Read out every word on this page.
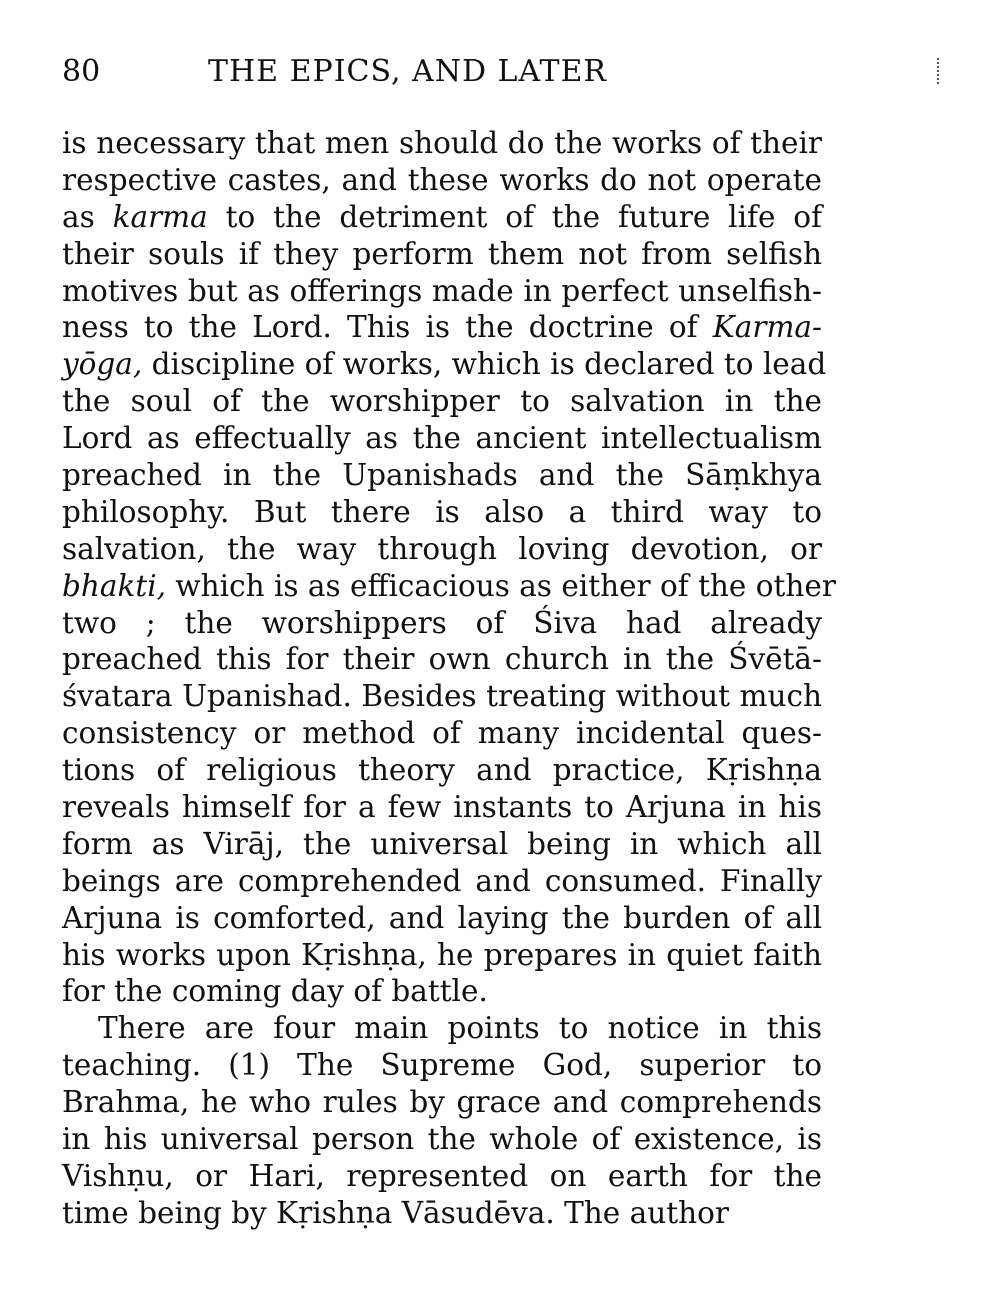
80	THE EPICS, AND LATER
is necessary that men should do the works of their
respective castes, and these works do not operate
as karma to the detriment of the future life of
their souls if they perform them not from selfish
motives but as offerings made in perfect unselfish-
ness to the Lord. This is the doctrine of Karma-
yōga, discipline of works, which is declared to lead
the soul of the worshipper to salvation in the
Lord as effectually as the ancient intellectualism
preached in the Upanishads and the Sāṃkhya
philosophy. But there is also a third way to
salvation, the way through loving devotion, or
bhakti, which is as efficacious as either of the other
two ; the worshippers of Śiva had already
preached this for their own church in the Śvētā-
śvatara Upanishad. Besides treating without much
consistency or method of many incidental ques-
tions of religious theory and practice, Kṛishṇa
reveals himself for a few instants to Arjuna in his
form as Virāj, the universal being in which all
beings are comprehended and consumed. Finally
Arjuna is comforted, and laying the burden of all
his works upon Kṛishṇa, he prepares in quiet faith
for the coming day of battle.
There are four main points to notice in this
teaching. (1) The Supreme God, superior to
Brahma, he who rules by grace and comprehends
in his universal person the whole of existence, is
Vishṇu, or Hari, represented on earth for the
time being by Kṛishṇa Vāsudēva. The author
